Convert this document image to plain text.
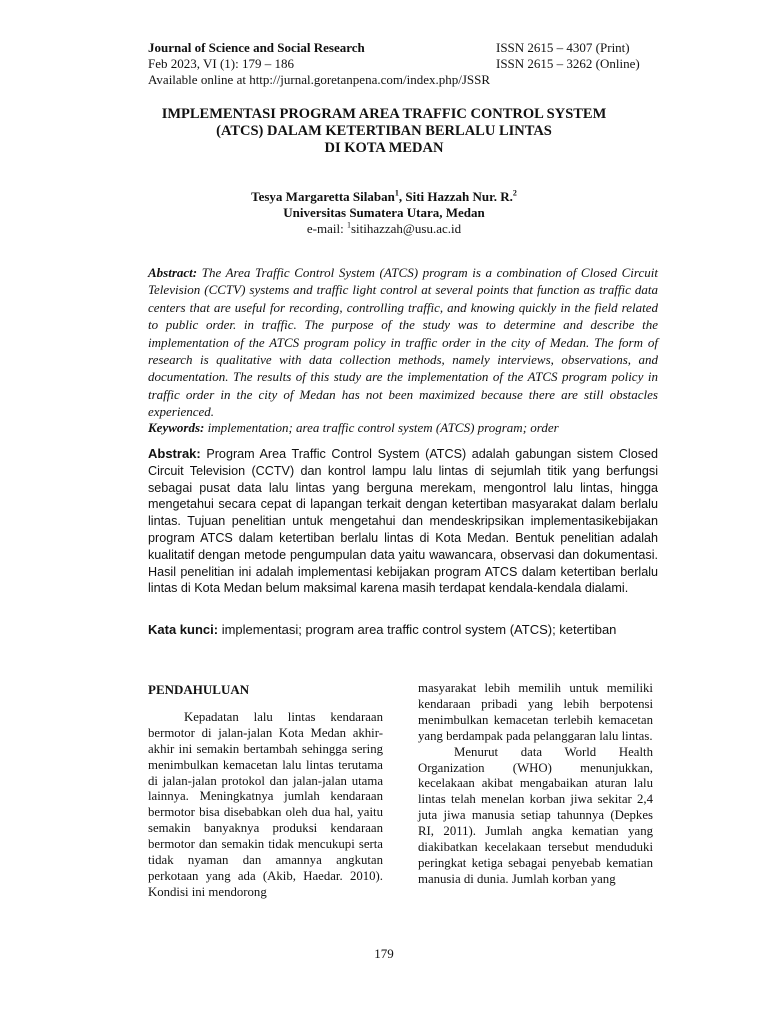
Journal of Science and Social Research	ISSN 2615 – 4307 (Print)
Feb 2023, VI (1): 179 – 186	ISSN 2615 – 3262 (Online)
Available online at http://jurnal.goretanpena.com/index.php/JSSR
IMPLEMENTASI PROGRAM AREA TRAFFIC CONTROL SYSTEM
(ATCS) DALAM KETERTIBAN BERLALU LINTAS
DI KOTA MEDAN
Tesya Margaretta Silaban$^1$, Siti Hazzah Nur. R.$^2$
Universitas Sumatera Utara, Medan
e-mail: $^1$sitihazzah@usu.ac.id
Abstract: The Area Traffic Control System (ATCS) program is a combination of Closed Circuit Television (CCTV) systems and traffic light control at several points that function as traffic data centers that are useful for recording, controlling traffic, and knowing quickly in the field related to public order. in traffic. The purpose of the study was to determine and describe the implementation of the ATCS program policy in traffic order in the city of Medan. The form of research is qualitative with data collection methods, namely interviews, observations, and documentation. The results of this study are the implementation of the ATCS program policy in traffic order in the city of Medan has not been maximized because there are still obstacles experienced.
Keywords: implementation; area traffic control system (ATCS) program; order
Abstrak: Program Area Traffic Control System (ATCS) adalah gabungan sistem Closed Circuit Television (CCTV) dan kontrol lampu lalu lintas di sejumlah titik yang berfungsi sebagai pusat data lalu lintas yang berguna merekam, mengontrol lalu lintas, hingga mengetahui secara cepat di lapangan terkait dengan ketertiban masyarakat dalam berlalu lintas. Tujuan penelitian untuk mengetahui dan mendeskripsikan implementasikebijakan program ATCS dalam ketertiban berlalu lintas di Kota Medan. Bentuk penelitian adalah kualitatif dengan metode pengumpulan data yaitu wawancara, observasi dan dokumentasi. Hasil penelitian ini adalah implementasi kebijakan program ATCS dalam ketertiban berlalu lintas di Kota Medan belum maksimal karena masih terdapat kendala-kendala dialami.
Kata kunci: implementasi; program area traffic control system (ATCS); ketertiban
PENDAHULUAN

Kepadatan lalu lintas kendaraan bermotor di jalan-jalan Kota Medan akhir-akhir ini semakin bertambah sehingga sering menimbulkan kemacetan lalu lintas terutama di jalan-jalan protokol dan jalan-jalan utama lainnya. Meningkatnya jumlah kendaraan bermotor bisa disebabkan oleh dua hal, yaitu semakin banyaknya produksi kendaraan bermotor dan semakin tidak mencukupi serta tidak nyaman dan amannya angkutan perkotaan yang ada (Akib, Haedar. 2010). Kondisi ini mendorong

masyarakat lebih memilih untuk memiliki kendaraan pribadi yang lebih berpotensi menimbulkan kemacetan terlebih kemacetan yang berdampak pada pelanggaran lalu lintas.

Menurut data World Health Organization (WHO) menunjukkan, kecelakaan akibat mengabaikan aturan lalu lintas telah menelan korban jiwa sekitar 2,4 juta jiwa manusia setiap tahunnya (Depkes RI, 2011). Jumlah angka kematian yang diakibatkan kecelakaan tersebut menduduki peringkat ketiga sebagai penyebab kematian manusia di dunia. Jumlah korban yang

179
